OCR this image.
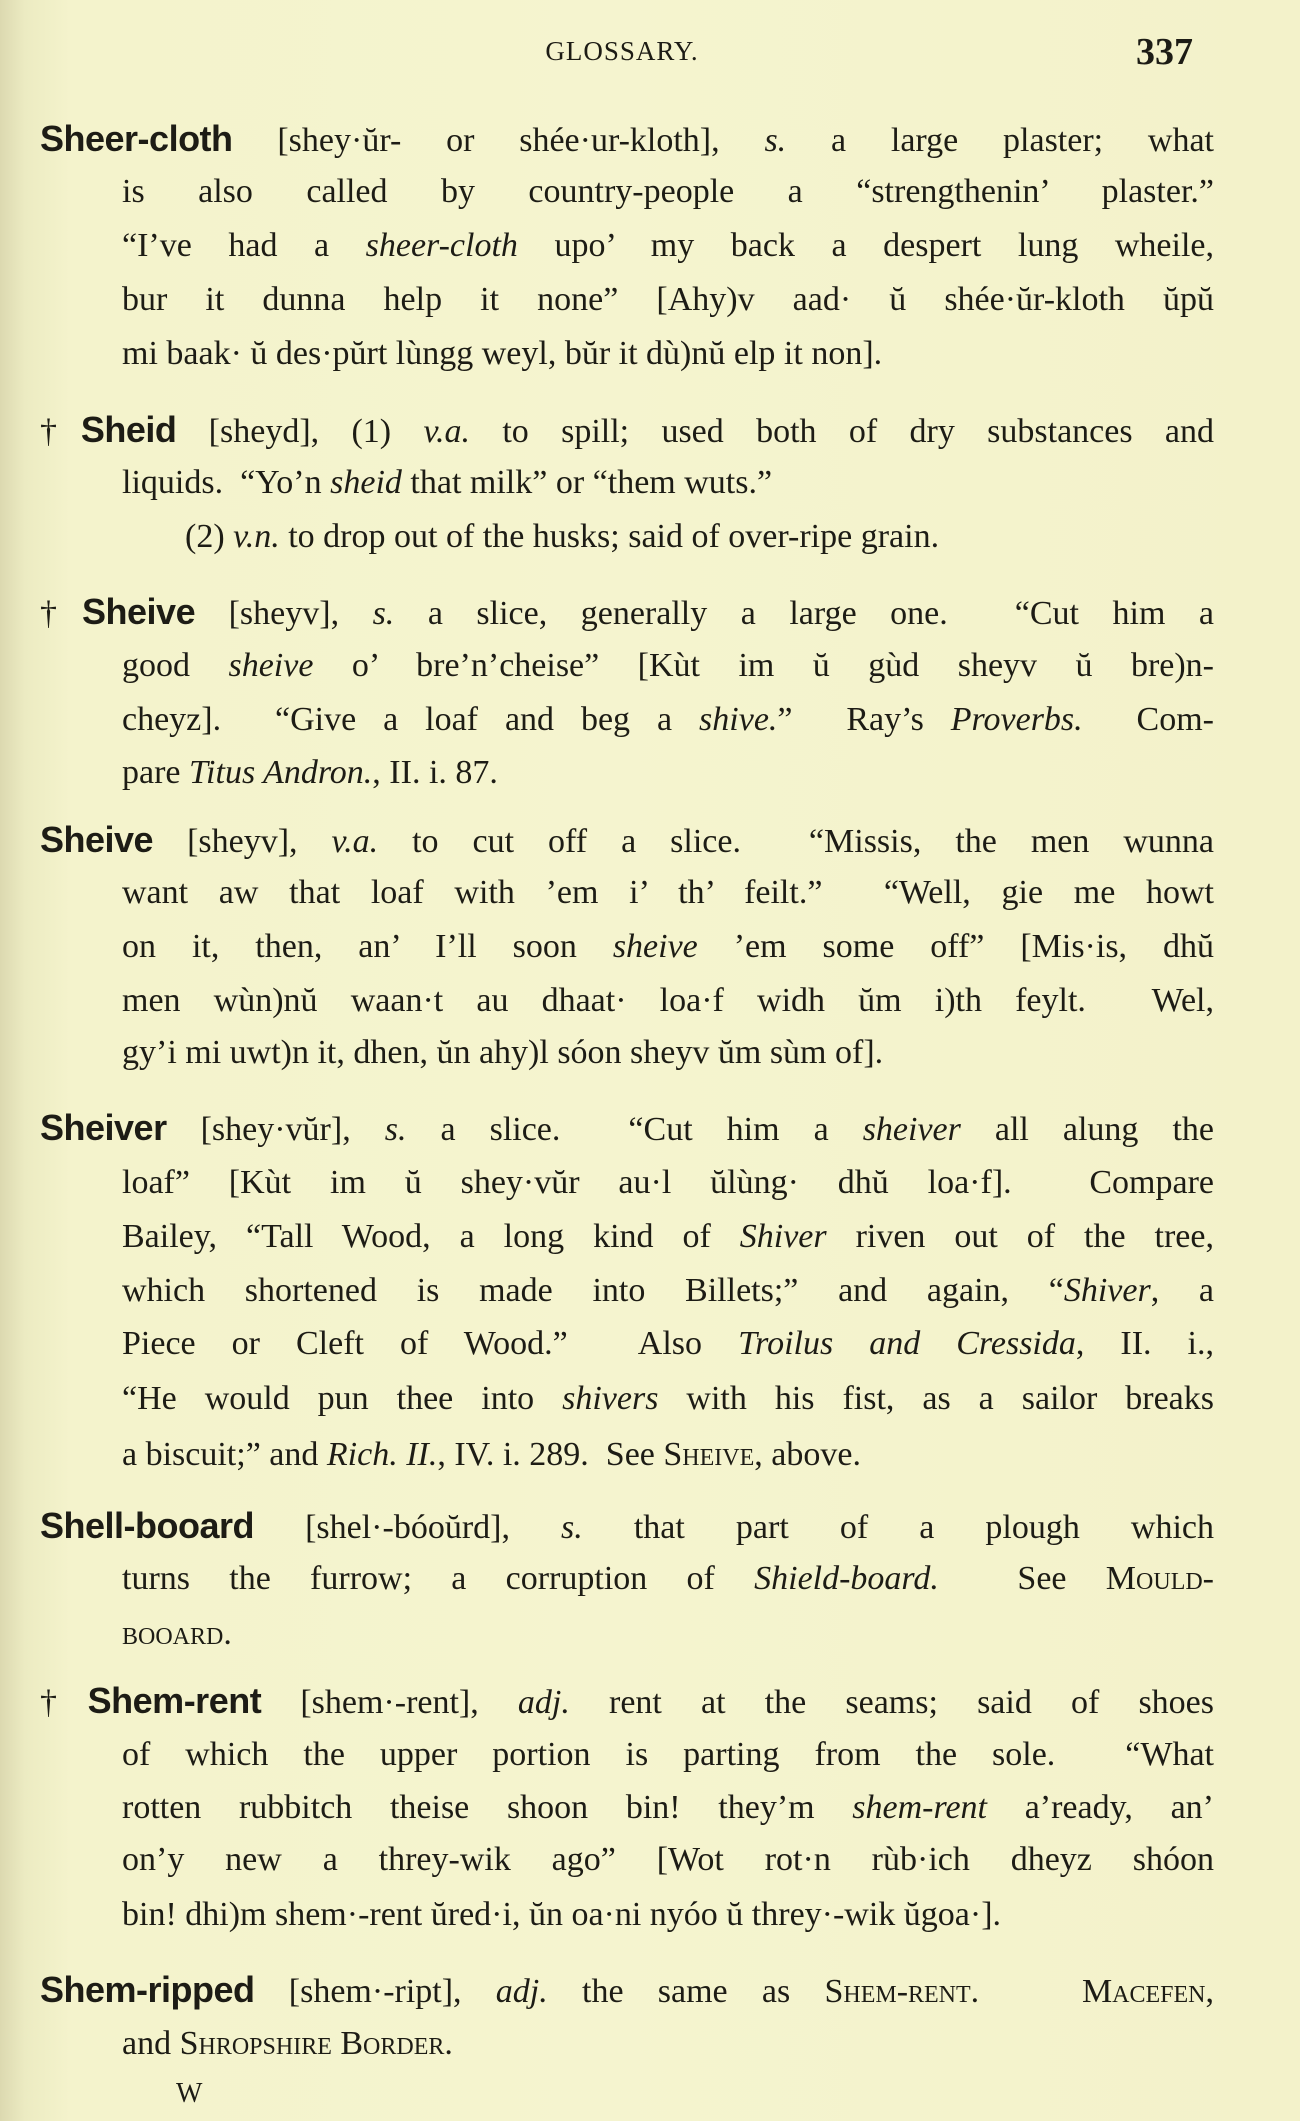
GLOSSARY.	337
Sheer-cloth [shey·ŭr- or shée·ur-kloth], s. a large plaster; what
is also called by country-people a “strengthenin’ plaster.”
“I’ve had a sheer-cloth upo’ my back a despert lung wheile,
bur it dunna help it none” [Ahy)v aad· ŭ shée·ŭr-kloth ŭpŭ
mi baak· ŭ des·pŭrt lùngg weyl, bŭr it dù)nŭ elp it non].
†Sheid [sheyd], (1) v.a. to spill; used both of dry substances and
liquids.  “Yo’n sheid that milk” or “them wuts.”
(2) v.n. to drop out of the husks; said of over-ripe grain.
†Sheive [sheyv], s. a slice, generally a large one.  “Cut him a
good sheive o’ bre’n’cheise” [Kùt im ŭ gùd sheyv ŭ bre)n-
cheyz].  “Give a loaf and beg a shive.”  Ray’s Proverbs.  Com-
pare Titus Andron., II. i. 87.
Sheive [sheyv], v.a. to cut off a slice.  “Missis, the men wunna
want aw that loaf with ’em i’ th’ feilt.”  “Well, gie me howt
on it, then, an’ I’ll soon sheive ’em some off” [Mis·is, dhŭ
men wùn)nŭ waan·t au dhaat· loa·f widh ŭm i)th feylt.  Wel,
gy’i mi uwt)n it, dhen, ŭn ahy)l sóon sheyv ŭm sùm of].
Sheiver [shey·vŭr], s. a slice.  “Cut him a sheiver all alung the
loaf” [Kùt im ŭ shey·vŭr au·l ŭlùng· dhŭ loa·f].  Compare
Bailey, “Tall Wood, a long kind of Shiver riven out of the tree,
which shortened is made into Billets;” and again, “Shiver, a
Piece or Cleft of Wood.”  Also Troilus and Cressida, II. i.,
“He would pun thee into shivers with his fist, as a sailor breaks
a biscuit;” and Rich. II., IV. i. 289.  See Sheive, above.
Shell-booard [shel·-bóoŭrd], s. that part of a plough which
turns the furrow; a corruption of Shield-board.  See Mould-
booard.
†Shem-rent [shem·-rent], adj. rent at the seams; said of shoes
of which the upper portion is parting from the sole.  “What
rotten rubbitch theise shoon bin! they’m shem-rent a’ready, an’
on’y new a threy-wik ago” [Wot rot·n rùb·ich dheyz shóon
bin! dhi)m shem·-rent ŭred·i, ŭn oa·ni nyóo ŭ threy·-wik ŭgoa·].
Shem-ripped [shem·-ript], adj. the same as Shem-rent.	Macefen,
and Shropshire Border.
W
